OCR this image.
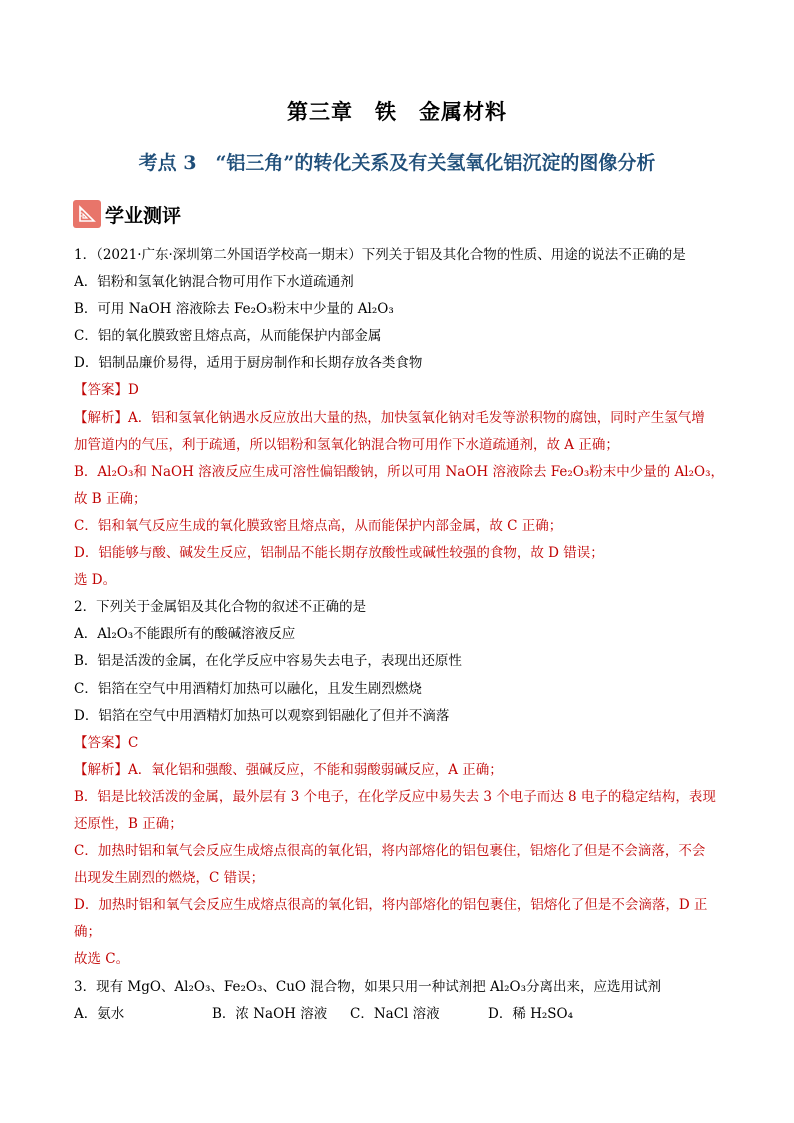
第三章　铁　金属材料
考点 3　“铝三角”的转化关系及有关氢氧化铝沉淀的图像分析
学业测评
1．（2021·广东·深圳第二外国语学校高一期末）下列关于铝及其化合物的性质、用途的说法不正确的是
A．铝粉和氢氧化钠混合物可用作下水道疏通剂
B．可用 NaOH 溶液除去 Fe₂O₃粉末中少量的 Al₂O₃
C．铝的氧化膜致密且熔点高，从而能保护内部金属
D．铝制品廉价易得，适用于厨房制作和长期存放各类食物
【答案】D
【解析】A．铝和氢氧化钠遇水反应放出大量的热，加快氢氧化钠对毛发等淤积物的腐蚀，同时产生氢气增
加管道内的气压，利于疏通，所以铝粉和氢氧化钠混合物可用作下水道疏通剂，故 A 正确；
B．Al₂O₃和 NaOH 溶液反应生成可溶性偏铝酸钠，所以可用 NaOH 溶液除去 Fe₂O₃粉末中少量的 Al₂O₃，
故 B 正确；
C．铝和氧气反应生成的氧化膜致密且熔点高，从而能保护内部金属，故 C 正确；
D．铝能够与酸、碱发生反应，铝制品不能长期存放酸性或碱性较强的食物，故 D 错误；
选 D。
2．下列关于金属铝及其化合物的叙述不正确的是
A．Al₂O₃不能跟所有的酸碱溶液反应
B．铝是活泼的金属，在化学反应中容易失去电子，表现出还原性
C．铝箔在空气中用酒精灯加热可以融化，且发生剧烈燃烧
D．铝箔在空气中用酒精灯加热可以观察到铝融化了但并不滴落
【答案】C
【解析】A．氧化铝和强酸、强碱反应，不能和弱酸弱碱反应，A 正确；
B．铝是比较活泼的金属，最外层有 3 个电子，在化学反应中易失去 3 个电子而达 8 电子的稳定结构，表现
还原性，B 正确；
C．加热时铝和氧气会反应生成熔点很高的氧化铝，将内部熔化的铝包裹住，铝熔化了但是不会滴落，不会
出现发生剧烈的燃烧，C 错误；
D．加热时铝和氧气会反应生成熔点很高的氧化铝，将内部熔化的铝包裹住，铝熔化了但是不会滴落，D 正
确；
故选 C。
3．现有 MgO、Al₂O₃、Fe₂O₃、CuO 混合物，如果只用一种试剂把 Al₂O₃分离出来，应选用试剂
A．氨水	B．浓 NaOH 溶液	C．NaCl 溶液	D．稀 H₂SO₄
